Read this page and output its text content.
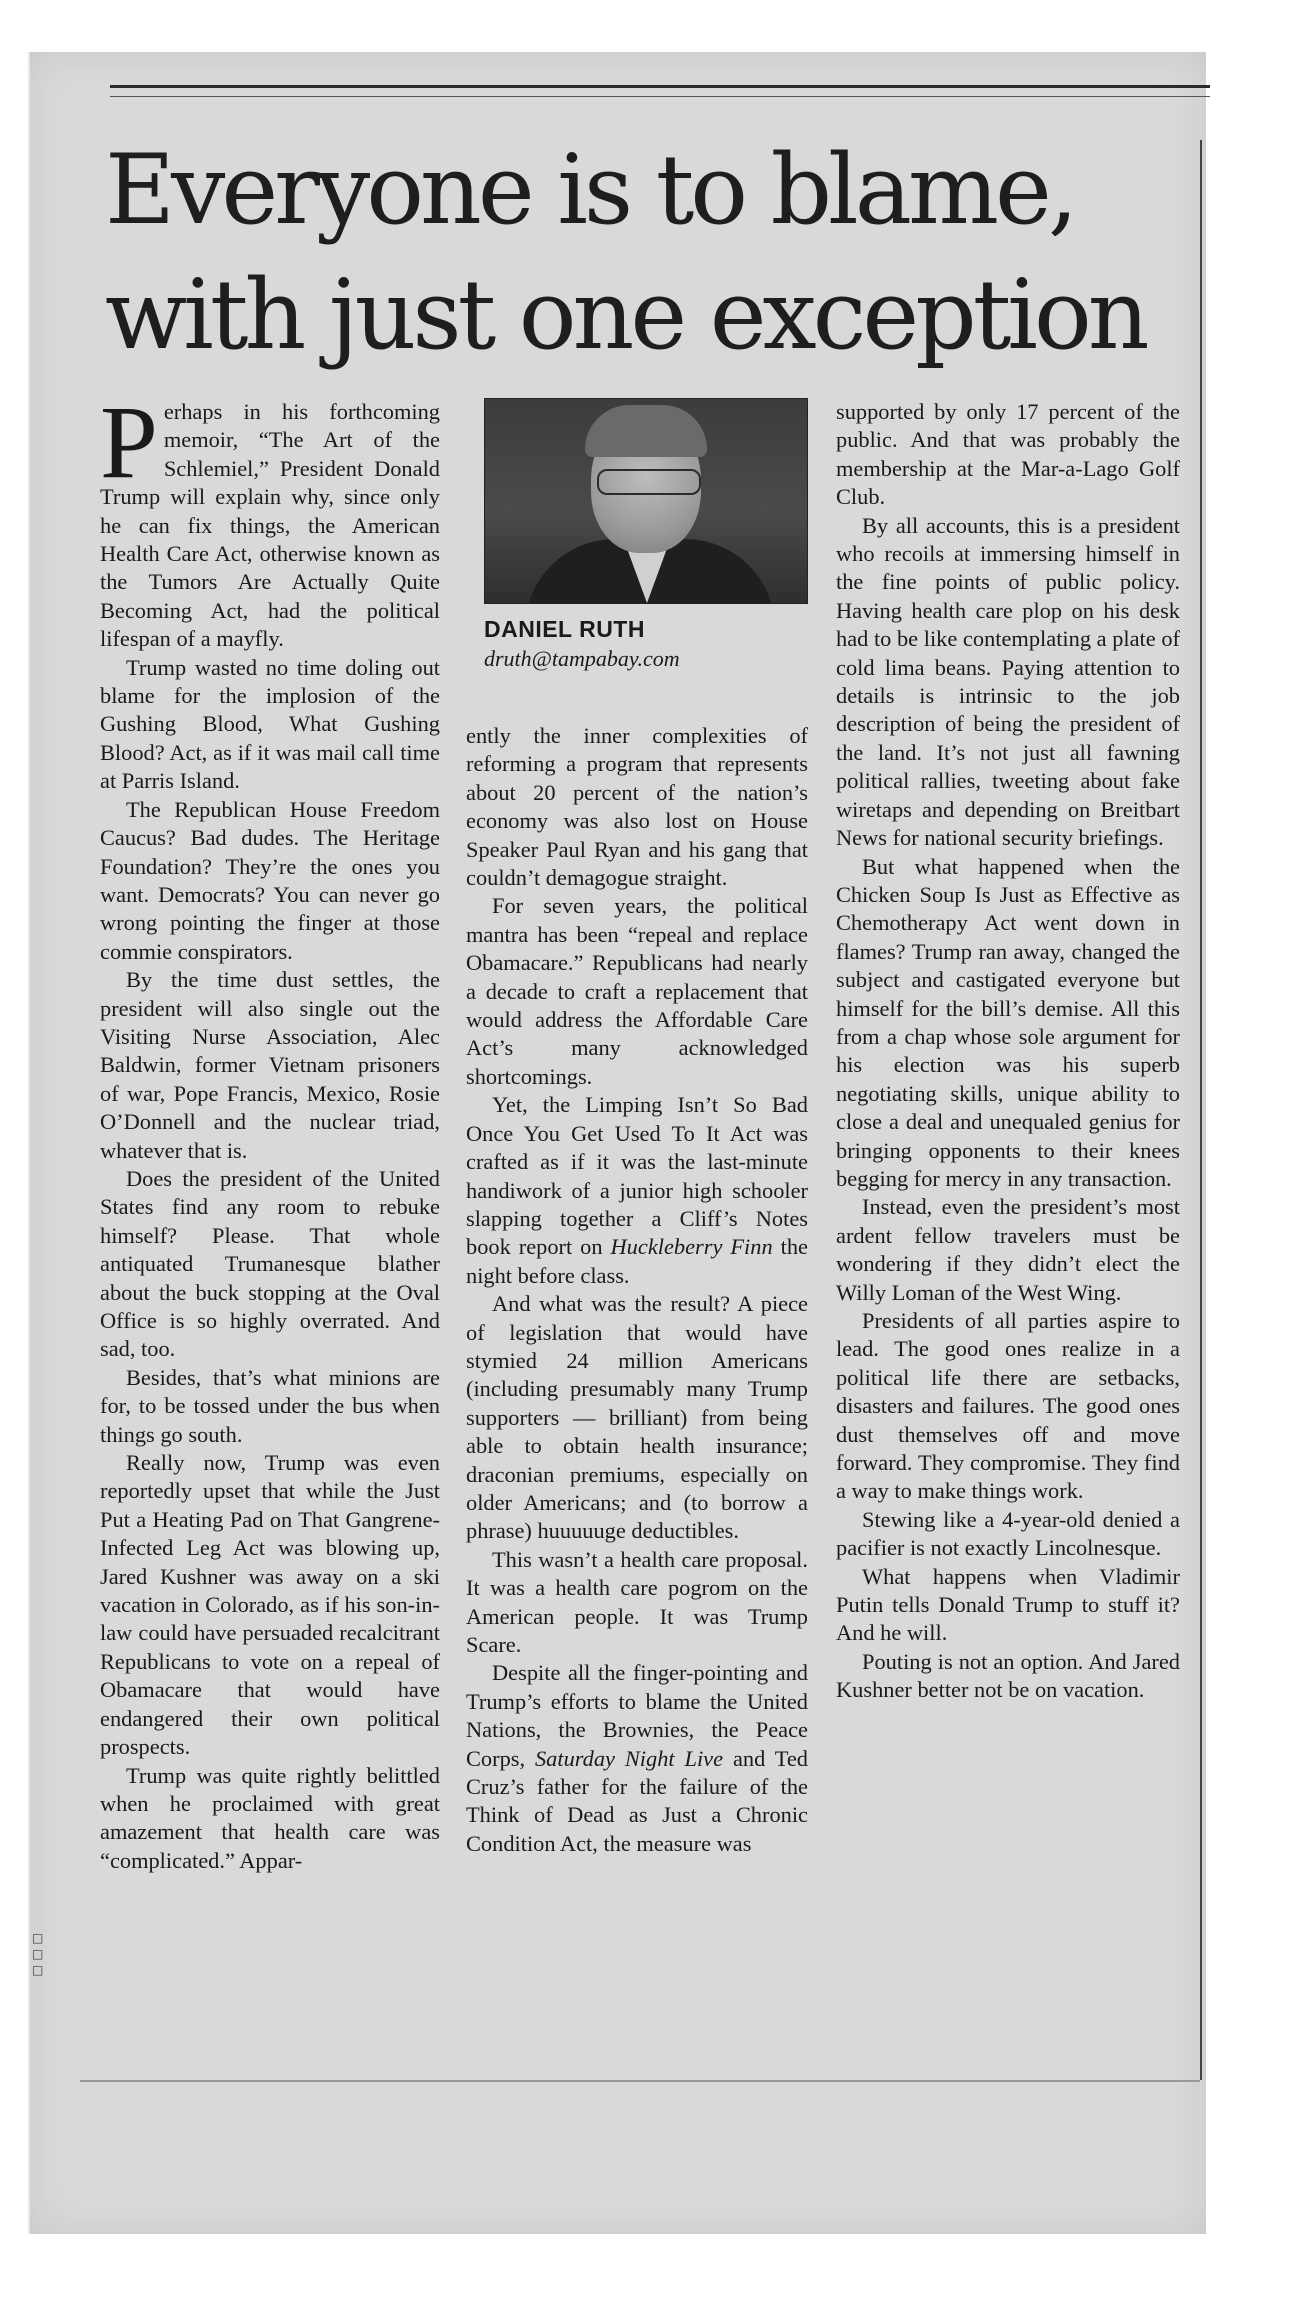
Everyone is to blame,
with just one exception
DANIEL RUTH
druth@tampabay.com

Perhaps in his forthcoming memoir, “The Art of the Schlemiel,” President Donald Trump will explain why, since only he can fix things, the American Health Care Act, otherwise known as the Tumors Are Actually Quite Becoming Act, had the political lifespan of a mayfly.

Trump wasted no time doling out blame for the implosion of the Gushing Blood, What Gushing Blood? Act, as if it was mail call time at Parris Island.

The Republican House Freedom Caucus? Bad dudes. The Heritage Foundation? They’re the ones you want. Democrats? You can never go wrong pointing the finger at those commie conspirators.

By the time dust settles, the president will also single out the Visiting Nurse Association, Alec Baldwin, former Vietnam prisoners of war, Pope Francis, Mexico, Rosie O’Donnell and the nuclear triad, whatever that is.

Does the president of the United States find any room to rebuke himself? Please. That whole antiquated Trumanesque blather about the buck stopping at the Oval Office is so highly overrated. And sad, too.

Besides, that’s what minions are for, to be tossed under the bus when things go south.

Really now, Trump was even reportedly upset that while the Just Put a Heating Pad on That Gangrene-Infected Leg Act was blowing up, Jared Kushner was away on a ski vacation in Colorado, as if his son-in-law could have persuaded recalcitrant Republicans to vote on a repeal of Obamacare that would have endangered their own political prospects.

Trump was quite rightly belittled when he proclaimed with great amazement that health care was “complicated.” Appar-

ently the inner complexities of reforming a program that represents about 20 percent of the nation’s economy was also lost on House Speaker Paul Ryan and his gang that couldn’t demagogue straight.

For seven years, the political mantra has been “repeal and replace Obamacare.” Republicans had nearly a decade to craft a replacement that would address the Affordable Care Act’s many acknowledged shortcomings.

Yet, the Limping Isn’t So Bad Once You Get Used To It Act was crafted as if it was the last-minute handiwork of a junior high schooler slapping together a Cliff’s Notes book report on Huckleberry Finn the night before class.

And what was the result? A piece of legislation that would have stymied 24 million Americans (including presumably many Trump supporters — brilliant) from being able to obtain health insurance; draconian premiums, especially on older Americans; and (to borrow a phrase) huuuuuge deductibles.

This wasn’t a health care proposal. It was a health care pogrom on the American people. It was Trump Scare.

Despite all the finger-pointing and Trump’s efforts to blame the United Nations, the Brownies, the Peace Corps, Saturday Night Live and Ted Cruz’s father for the failure of the Think of Dead as Just a Chronic Condition Act, the measure was

supported by only 17 percent of the public. And that was probably the membership at the Mar-a-Lago Golf Club.

By all accounts, this is a president who recoils at immersing himself in the fine points of public policy. Having health care plop on his desk had to be like contemplating a plate of cold lima beans. Paying attention to details is intrinsic to the job description of being the president of the land. It’s not just all fawning political rallies, tweeting about fake wiretaps and depending on Breitbart News for national security briefings.

But what happened when the Chicken Soup Is Just as Effective as Chemotherapy Act went down in flames? Trump ran away, changed the subject and castigated everyone but himself for the bill’s demise. All this from a chap whose sole argument for his election was his superb negotiating skills, unique ability to close a deal and unequaled genius for bringing opponents to their knees begging for mercy in any transaction.

Instead, even the president’s most ardent fellow travelers must be wondering if they didn’t elect the Willy Loman of the West Wing.

Presidents of all parties aspire to lead. The good ones realize in a political life there are setbacks, disasters and failures. The good ones dust themselves off and move forward. They compromise. They find a way to make things work.

Stewing like a 4-year-old denied a pacifier is not exactly Lincolnesque.

What happens when Vladimir Putin tells Donald Trump to stuff it? And he will.

Pouting is not an option. And Jared Kushner better not be on vacation.

□
□
□
